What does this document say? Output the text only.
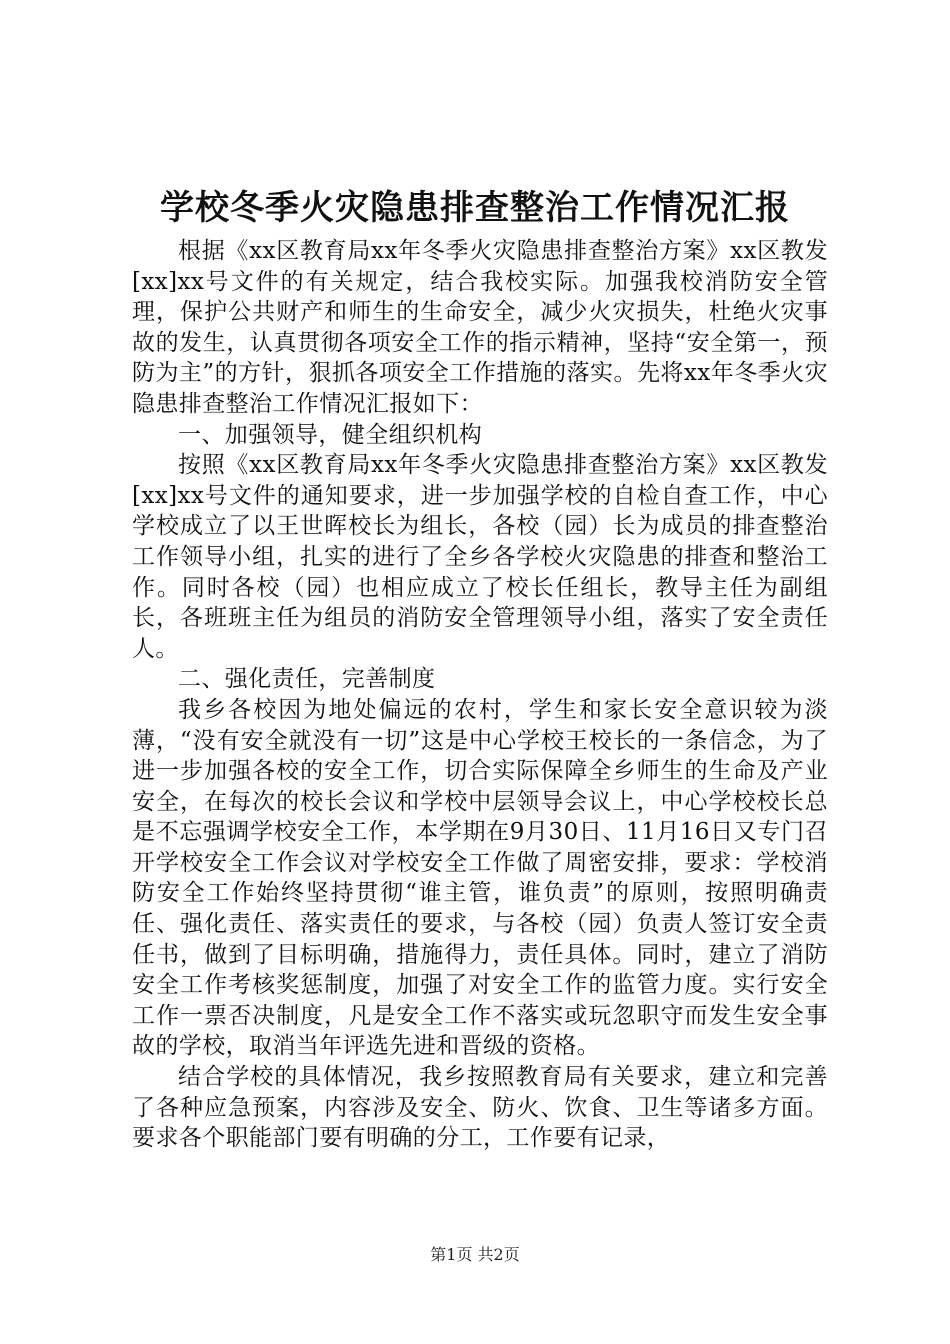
学校冬季火灾隐患排查整治工作情况汇报

根据《xx区教育局xx年冬季火灾隐患排查整治方案》xx区教发[xx]xx号文件的有关规定，结合我校实际。加强我校消防安全管理，保护公共财产和师生的生命安全，减少火灾损失，杜绝火灾事故的发生，认真贯彻各项安全工作的指示精神，坚持“安全第一，预防为主”的方针，狠抓各项安全工作措施的落实。先将xx年冬季火灾隐患排查整治工作情况汇报如下：

一、加强领导，健全组织机构

按照《xx区教育局xx年冬季火灾隐患排查整治方案》xx区教发[xx]xx号文件的通知要求，进一步加强学校的自检自查工作，中心学校成立了以王世晖校长为组长，各校（园）长为成员的排查整治工作领导小组，扎实的进行了全乡各学校火灾隐患的排查和整治工作。同时各校（园）也相应成立了校长任组长，教导主任为副组长，各班班主任为组员的消防安全管理领导小组，落实了安全责任人。

二、强化责任，完善制度

我乡各校因为地处偏远的农村，学生和家长安全意识较为淡薄，“没有安全就没有一切”这是中心学校王校长的一条信念，为了进一步加强各校的安全工作，切合实际保障全乡师生的生命及产业安全，在每次的校长会议和学校中层领导会议上，中心学校校长总是不忘强调学校安全工作，本学期在9月30日、11月16日又专门召开学校安全工作会议对学校安全工作做了周密安排，要求：学校消防安全工作始终坚持贯彻“谁主管，谁负责”的原则，按照明确责任、强化责任、落实责任的要求，与各校（园）负责人签订安全责任书，做到了目标明确，措施得力，责任具体。同时，建立了消防安全工作考核奖惩制度，加强了对安全工作的监管力度。实行安全工作一票否决制度，凡是安全工作不落实或玩忽职守而发生安全事故的学校，取消当年评选先进和晋级的资格。

结合学校的具体情况，我乡按照教育局有关要求，建立和完善了各种应急预案，内容涉及安全、防火、饮食、卫生等诸多方面。要求各个职能部门要有明确的分工，工作要有记录，

第1页 共2页
